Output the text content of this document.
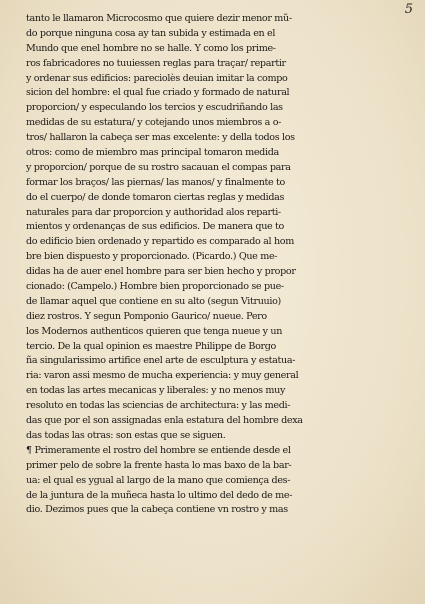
5
tanto le llamaron Microcosmo que quiere dezir menor mũ-
do porque ninguna cosa ay tan subida y estimada en el
Mundo que enel hombre no se halle. Y como los prime-
ros fabricadores no tuuiessen reglas para traçar/ repartir
y ordenar sus edificios: pareciolès deuian imitar la compo
sicion del hombre: el qual fue criado y formado de natural
proporcion/ y especulando los tercios y escudriñando las
medidas de su estatura/ y cotejando unos miembros a o-
tros/ hallaron la cabeça ser mas excelente: y della todos los
otros: como de miembro mas principal tomaron medida
y proporcion/ porque de su rostro sacauan el compas para
formar los braços/ las piernas/ las manos/ y finalmente to
do el cuerpo/ de donde tomaron ciertas reglas y medidas
naturales para dar proporcion y authoridad alos reparti-
mientos y ordenanças de sus edificios. De manera que to
do edificio bien ordenado y repartido es comparado al hom
bre bien dispuesto y proporcionado. (Picardo.) Que me-
didas ha de auer enel hombre para ser bien hecho y propor
cionado: (Campelo.) Hombre bien proporcionado se pue-
de llamar aquel que contiene en su alto (segun Vitruuio)
diez rostros. Y segun Pomponio Gaurico/ nueue. Pero
los Modernos authenticos quieren que tenga nueue y un
tercio. De la qual opinion es maestre Philippe de Borgo
ña singularissimo artifice enel arte de esculptura y estatua-
ria: varon assi mesmo de mucha experiencia: y muy general
en todas las artes mecanicas y liberales: y no menos muy
resoluto en todas las sciencias de architectura: y las medi-
das que por el son assignadas enla estatura del hombre dexa
das todas las otras: son estas que se siguen.
¶ Primeramente el rostro del hombre se entiende desde el
primer pelo de sobre la frente hasta lo mas baxo de la bar-
ua: el qual es ygual al largo de la mano que comiença des-
de la juntura de la muñeca hasta lo ultimo del dedo de me-
dio. Dezimos pues que la cabeça contiene vn rostro y mas
